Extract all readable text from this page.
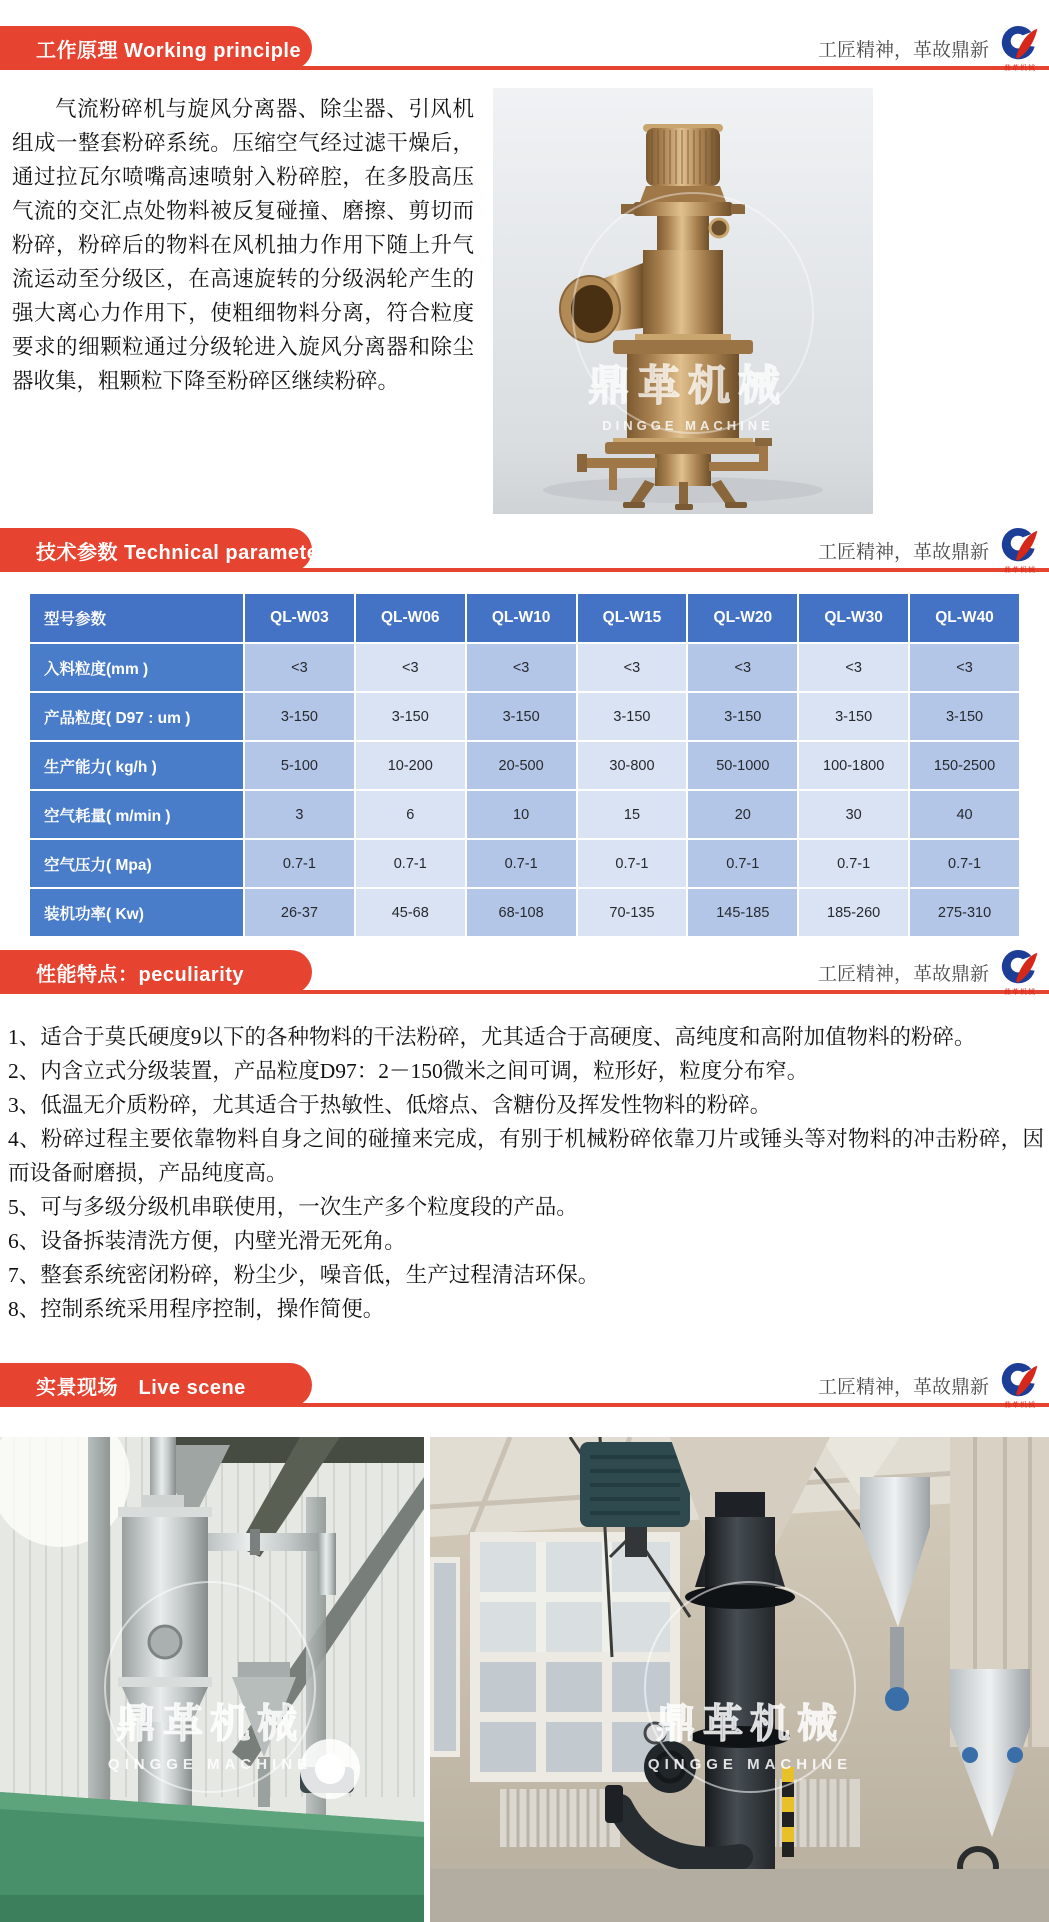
工作原理 Working principle	工匠精神，革故鼎新
鼎革机械

气流粉碎机与旋风分离器、除尘器、引风机组成一整套粉碎系统。压缩空气经过滤干燥后，通过拉瓦尔喷嘴高速喷射入粉碎腔，在多股高压气流的交汇点处物料被反复碰撞、磨擦、剪切而粉碎，粉碎后的物料在风机抽力作用下随上升气流运动至分级区，在高速旋转的分级涡轮产生的强大离心力作用下，使粗细物料分离，符合粒度要求的细颗粒通过分级轮进入旋风分离器和除尘器收集，粗颗粒下降至粉碎区继续粉碎。	鼎革机械
DINGGE MACHINE
技术参数 Technical parameter	工匠精神，革故鼎新
鼎革机械
型号参数	QL-W03	QL-W06	QL-W10	QL-W15	QL-W20	QL-W30	QL-W40
入料粒度(mm )	<3	<3	<3	<3	<3	<3	<3
产品粒度( D97 : um )	3-150	3-150	3-150	3-150	3-150	3-150	3-150
生产能力( kg/h )	5-100	10-200	20-500	30-800	50-1000	100-1800	150-2500
空气耗量( m/min )	3	6	10	15	20	30	40
空气压力( Mpa)	0.7-1	0.7-1	0.7-1	0.7-1	0.7-1	0.7-1	0.7-1
装机功率( Kw)	26-37	45-68	68-108	70-135	145-185	185-260	275-310
性能特点：peculiarity	工匠精神，革故鼎新
鼎革机械
1、适合于莫氏硬度9以下的各种物料的干法粉碎，尤其适合于高硬度、高纯度和高附加值物料的粉碎。
2、内含立式分级装置，产品粒度D97：2－150微米之间可调，粒形好，粒度分布窄。
3、低温无介质粉碎，尤其适合于热敏性、低熔点、含糖份及挥发性物料的粉碎。
4、粉碎过程主要依靠物料自身之间的碰撞来完成，有别于机械粉碎依靠刀片或锤头等对物料的冲击粉碎，因而设备耐磨损，产品纯度高。
5、可与多级分级机串联使用，一次生产多个粒度段的产品。
6、设备拆装清洗方便，内壁光滑无死角。
7、整套系统密闭粉碎，粉尘少，噪音低，生产过程清洁环保。
8、控制系统采用程序控制，操作简便。
实景现场　Live scene	工匠精神，革故鼎新
鼎革机械
鼎革机械
QINGGE MACHINE
鼎革机械
QINGGE MACHINE
